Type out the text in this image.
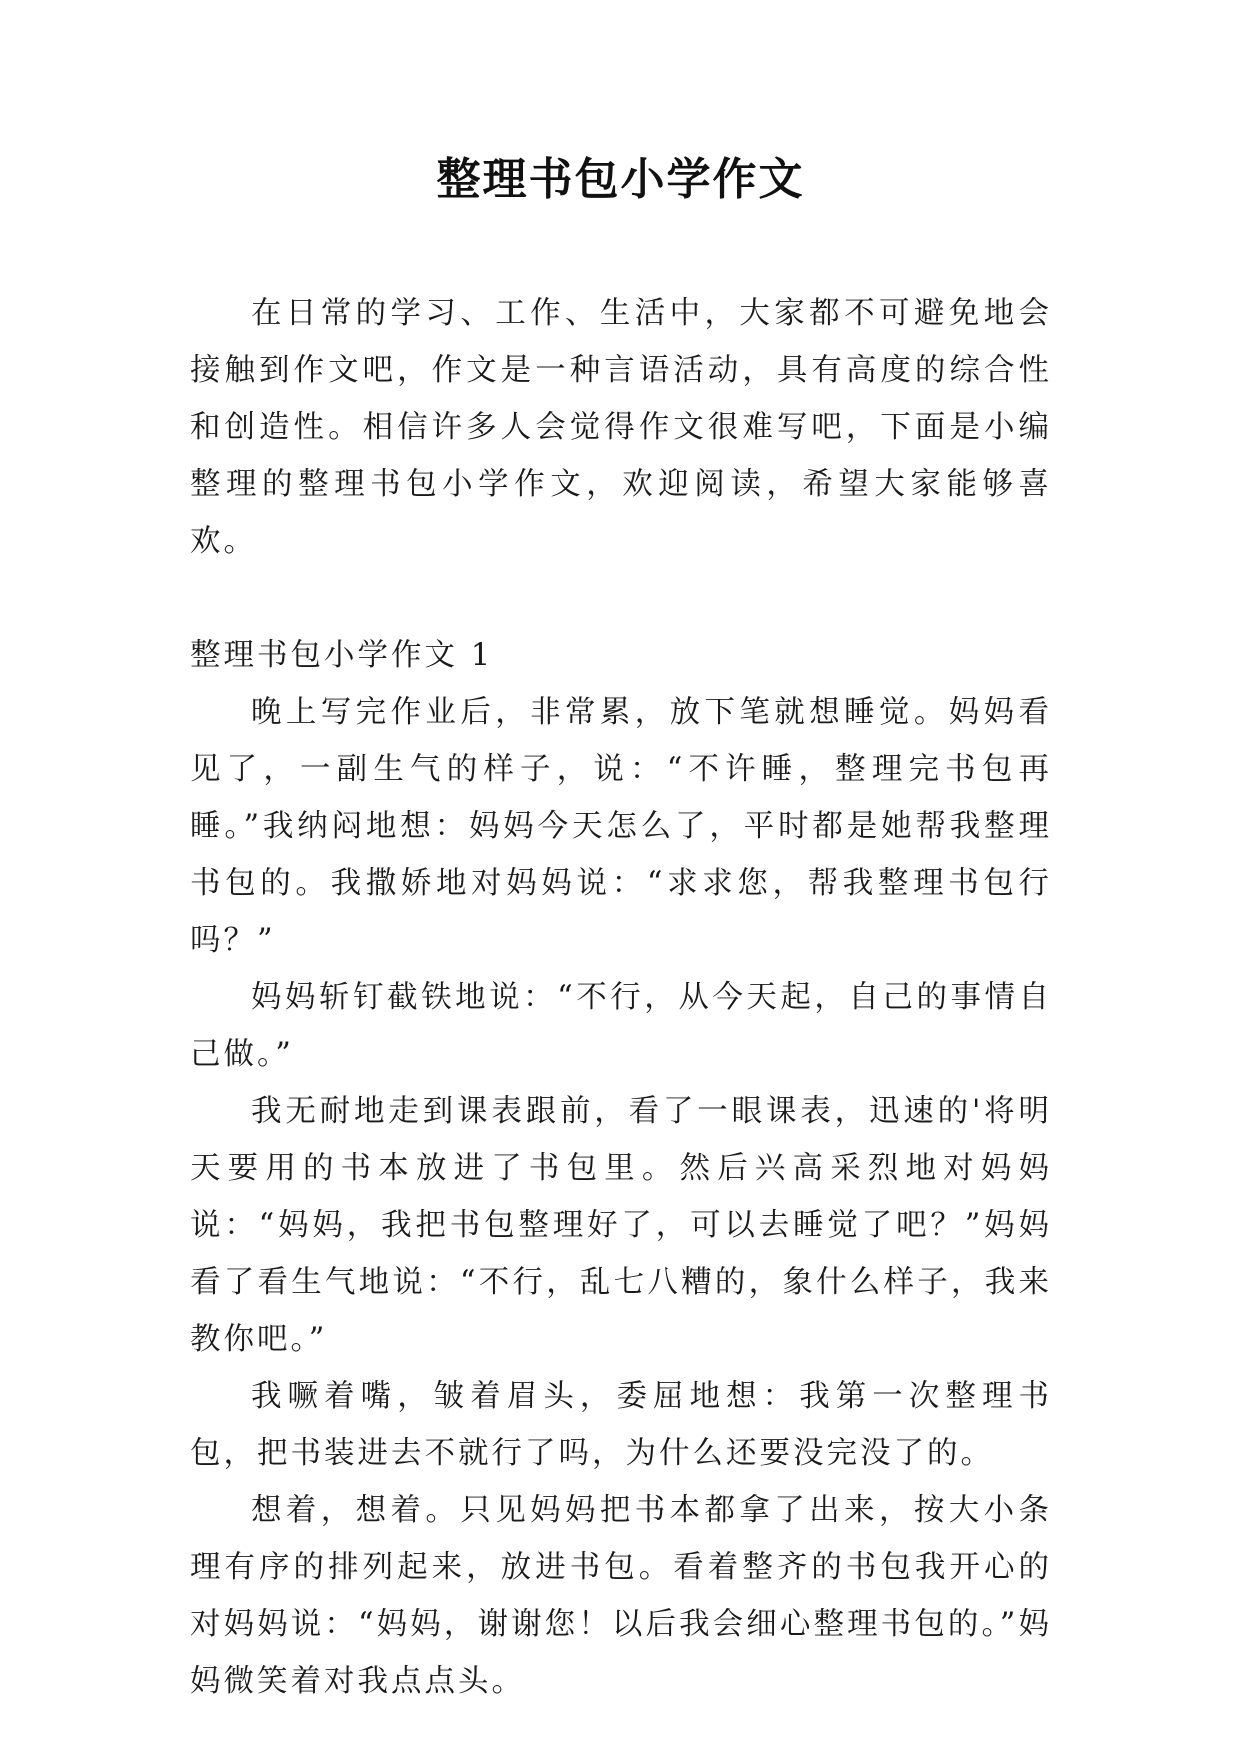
整理书包小学作文

在日常的学习、工作、生活中，大家都不可避免地会接触到作文吧，作文是一种言语活动，具有高度的综合性和创造性。相信许多人会觉得作文很难写吧，下面是小编整理的整理书包小学作文，欢迎阅读，希望大家能够喜欢。

整理书包小学作文 1

晚上写完作业后，非常累，放下笔就想睡觉。妈妈看见了，一副生气的样子，说：“不许睡，整理完书包再睡。”我纳闷地想：妈妈今天怎么了，平时都是她帮我整理书包的。我撒娇地对妈妈说：“求求您，帮我整理书包行吗？”

妈妈斩钉截铁地说：“不行，从今天起，自己的事情自己做。”

我无耐地走到课表跟前，看了一眼课表，迅速的'将明天要用的书本放进了书包里。然后兴高采烈地对妈妈说：“妈妈，我把书包整理好了，可以去睡觉了吧？”妈妈看了看生气地说：“不行，乱七八糟的，象什么样子，我来教你吧。”

我噘着嘴，皱着眉头，委屈地想：我第一次整理书包，把书装进去不就行了吗，为什么还要没完没了的。

想着，想着。只见妈妈把书本都拿了出来，按大小条理有序的排列起来，放进书包。看着整齐的书包我开心的对妈妈说：“妈妈，谢谢您！以后我会细心整理书包的。”妈妈微笑着对我点点头。
